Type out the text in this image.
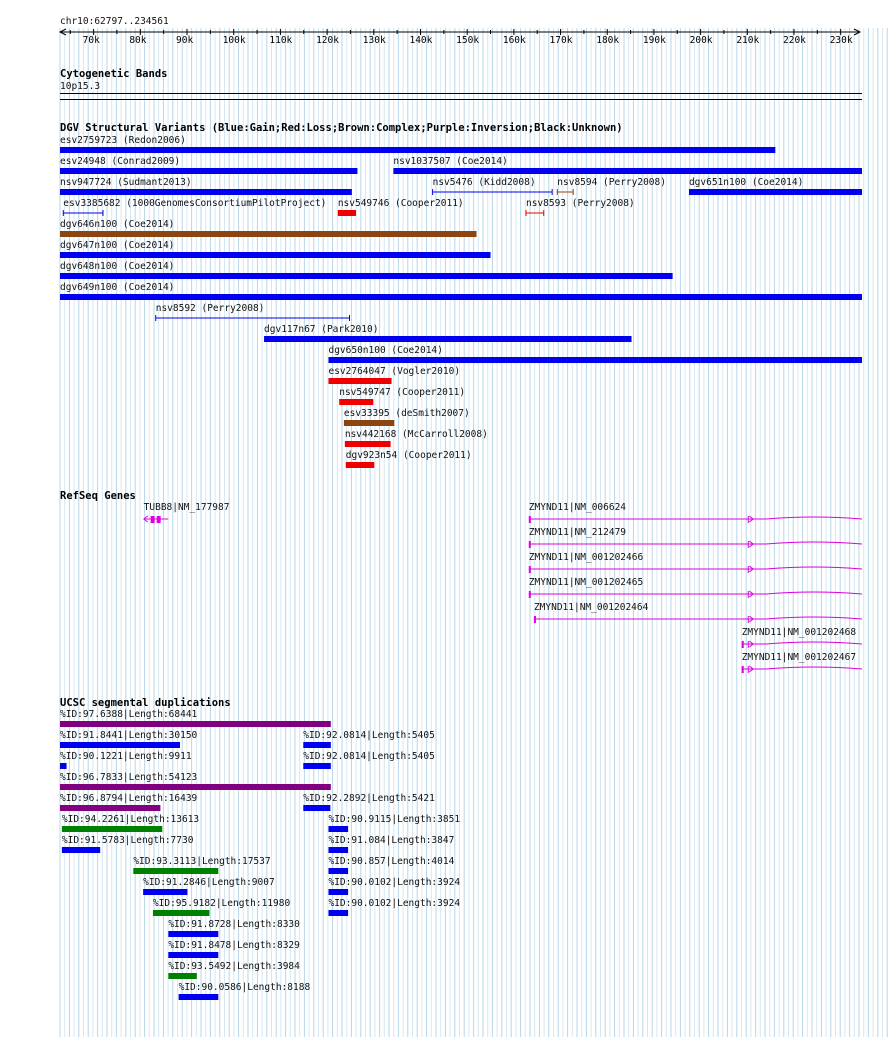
chr10:62797..234561
Cytogenetic Bands
10p15.3
DGV Structural Variants (Blue:Gain;Red:Loss;Brown:Complex;Purple:Inversion;Black:Unknown)
RefSeq Genes
UCSC segmental duplications
esv2759723 (Redon2006)
esv24948 (Conrad2009)	nsv1037507 (Coe2014)
nsv947724 (Sudmant2013)	nsv5476 (Kidd2008) nsv8594 (Perry2008) dgv651n100 (Coe2014)
esv3385682 (1000GenomesConsortiumPilotProject) nsv549746 (Cooper2011)	nsv8593 (Perry2008)
dgv646n100 (Coe2014)
dgv647n100 (Coe2014)
dgv648n100 (Coe2014)
dgv649n100 (Coe2014)
nsv8592 (Perry2008)
dgv117n67 (Park2010)
dgv650n100 (Coe2014)
esv2764047 (Vogler2010)
nsv549747 (Cooper2011)
esv33395 (deSmith2007)
nsv442168 (McCarroll2008)
dgv923n54 (Cooper2011)
TUBB8|NM_177987	ZMYND11|NM_006624
ZMYND11|NM_212479
ZMYND11|NM_001202466
ZMYND11|NM_001202465
ZMYND11|NM_001202464
ZMYND11|NM_001202468
ZMYND11|NM_001202467
%ID:97.6388|Length:68441
%ID:91.8441|Length:30150	%ID:92.0814|Length:5405
%ID:90.1221|Length:9911	%ID:92.0814|Length:5405
%ID:96.7833|Length:54123
%ID:96.8794|Length:16439	%ID:92.2892|Length:5421
%ID:94.2261|Length:13613	%ID:90.9115|Length:3851
%ID:91.5783|Length:7730	%ID:91.084|Length:3847
%ID:93.3113|Length:17537	%ID:90.857|Length:4014
%ID:91.2846|Length:9007	%ID:90.0102|Length:3924
%ID:95.9182|Length:11980	%ID:90.0102|Length:3924
%ID:91.8728|Length:8330
%ID:91.8478|Length:8329
%ID:93.5492|Length:3984
%ID:90.0586|Length:8188
70k	80k	90k	100k	110k	120k	130k	140k	150k	160k	170k	180k	190k	200k	210k	220k	230k
